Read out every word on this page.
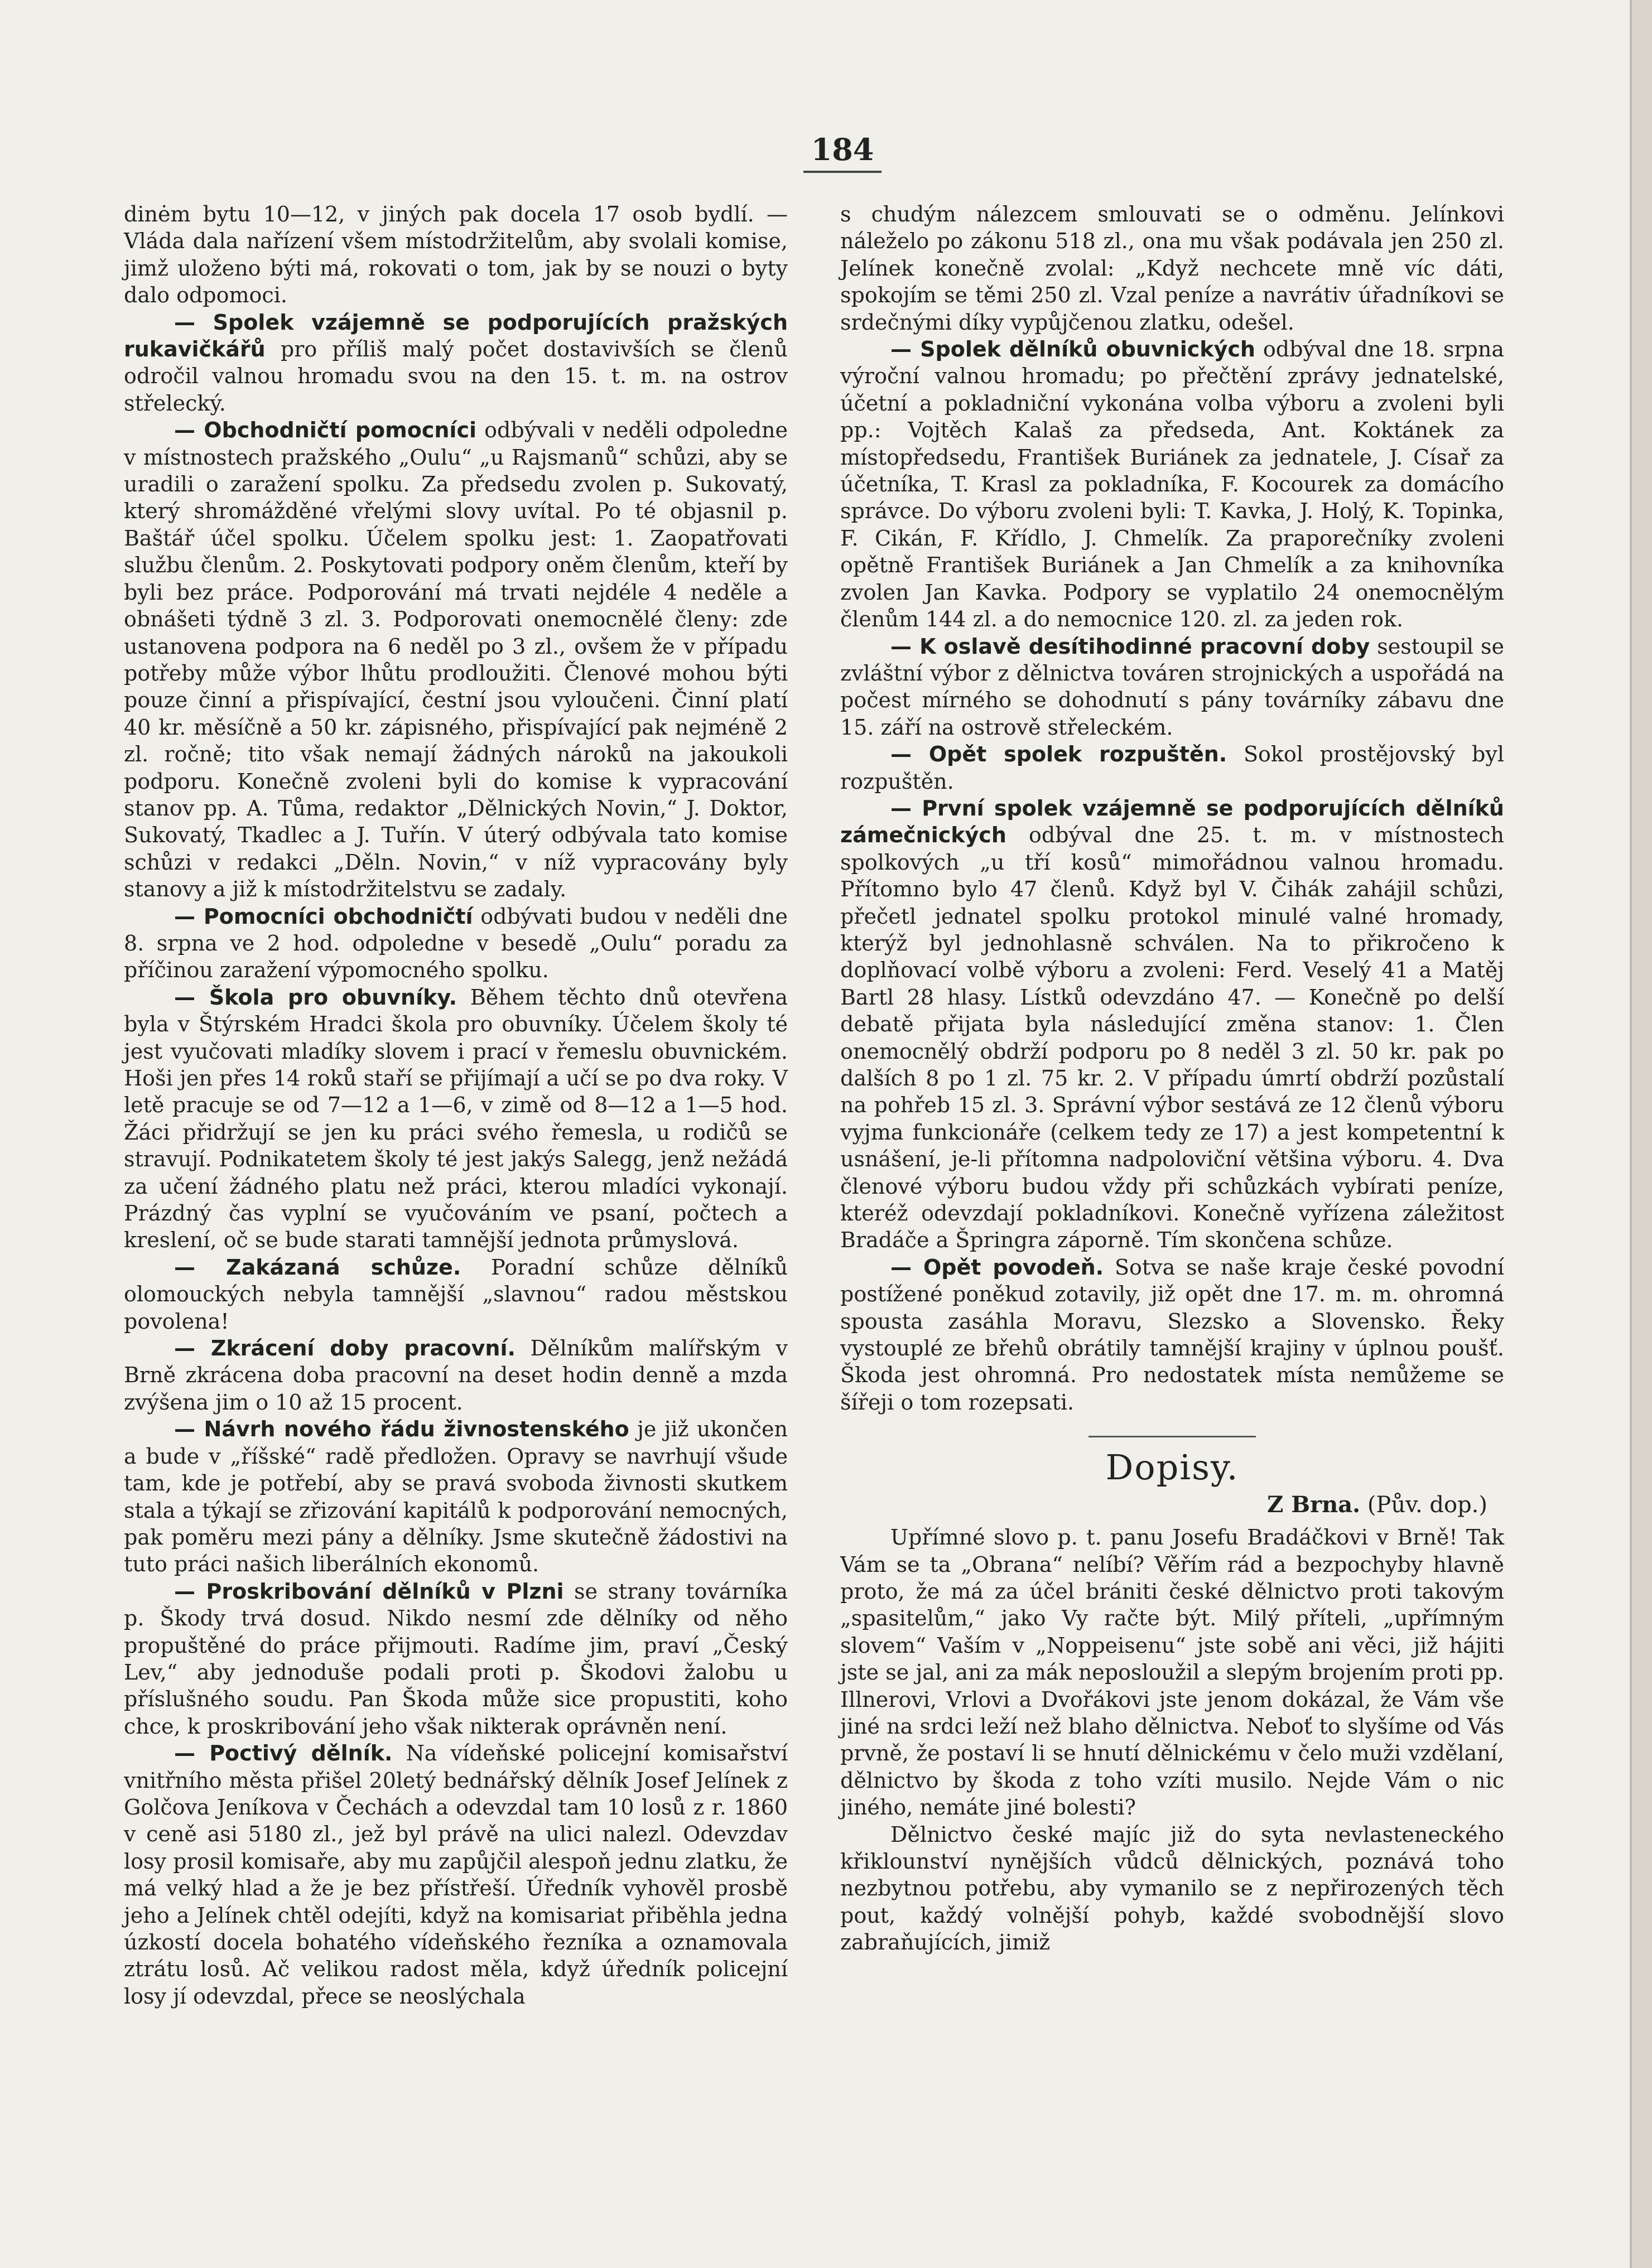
184

dinėm bytu 10—12, v jiných pak docela 17 osob bydlí. — Vláda dala nařízení všem místodržitelům, aby svolali komise, jimž uloženo býti má, rokovati o tom, jak by se nouzi o byty dalo odpomoci.

— Spolek vzájemně se podporujících pražských rukavičkářů pro příliš malý počet dostavivších se členů odročil valnou hromadu svou na den 15. t. m. na ostrov střelecký.

— Obchodničtí pomocníci odbývali v neděli odpoledne v místnostech pražského „Oulu“ „u Rajsmanů“ schůzi, aby se uradili o zaražení spolku. Za předsedu zvolen p. Sukovatý, který shromážděné vřelými slovy uvítal. Po té objasnil p. Baštář účel spolku. Účelem spolku jest: 1. Zaopatřovati službu členům. 2. Poskytovati podpory oněm členům, kteří by byli bez práce. Podporování má trvati nejdéle 4 neděle a obnášeti týdně 3 zl. 3. Podporovati onemocnělé členy: zde ustanovena podpora na 6 neděl po 3 zl., ovšem že v případu potřeby může výbor lhůtu prodloužiti. Členové mohou býti pouze činní a přispívající, čestní jsou vyloučeni. Činní platí 40 kr. měsíčně a 50 kr. zápisného, přispívající pak nejméně 2 zl. ročně; tito však nemají žádných nároků na jakoukoli podporu. Konečně zvoleni byli do komise k vypracování stanov pp. A. Tůma, redaktor „Dělnických Novin,“ J. Doktor, Sukovatý, Tkadlec a J. Tuřín. V úterý odbývala tato komise schůzi v redakci „Děln. Novin,“ v níž vypracovány byly stanovy a již k místodržitelstvu se zadaly.

— Pomocníci obchodničtí odbývati budou v neděli dne 8. srpna ve 2 hod. odpoledne v besedě „Oulu“ poradu za příčinou zaražení výpomocného spolku.

— Škola pro obuvníky. Během těchto dnů otevřena byla v Štýrském Hradci škola pro obuvníky. Účelem školy té jest vyučovati mladíky slovem i prací v řemeslu obuvnickém. Hoši jen přes 14 roků staří se přijímají a učí se po dva roky. V letě pracuje se od 7—12 a 1—6, v zimě od 8—12 a 1—5 hod. Žáci přidržují se jen ku práci svého řemesla, u rodičů se stravují. Podnikatetem školy té jest jakýs Salegg, jenž nežádá za učení žádného platu než práci, kterou mladíci vykonají. Prázdný čas vyplní se vyučováním ve psaní, počtech a kreslení, oč se bude starati tamnější jednota průmyslová.

— Zakázaná schůze. Poradní schůze dělníků olomouckých nebyla tamnější „slavnou“ radou městskou povolena!

— Zkrácení doby pracovní. Dělníkům malířským v Brně zkrácena doba pracovní na deset hodin denně a mzda zvýšena jim o 10 až 15 procent.

— Návrh nového řádu živnostenského je již ukončen a bude v „říšské“ radě předložen. Opravy se navrhují všude tam, kde je potřebí, aby se pravá svoboda živnosti skutkem stala a týkají se zřizování kapitálů k podporování nemocných, pak poměru mezi pány a dělníky. Jsme skutečně žádostivi na tuto práci našich liberálních ekonomů.

— Proskribování dělníků v Plzni se strany továrníka p. Škody trvá dosud. Nikdo nesmí zde dělníky od něho propuštěné do práce přijmouti. Radíme jim, praví „Český Lev,“ aby jednoduše podali proti p. Škodovi žalobu u příslušného soudu. Pan Škoda může sice propustiti, koho chce, k proskribování jeho však nikterak oprávněn není.

— Poctivý dělník. Na vídeňské policejní komisařství vnitřního města přišel 20letý bednářský dělník Josef Jelínek z Golčova Jeníkova v Čechách a odevzdal tam 10 losů z r. 1860 v ceně asi 5180 zl., jež byl právě na ulici nalezl. Odevzdav losy prosil komisaře, aby mu zapůjčil alespoň jednu zlatku, že má velký hlad a že je bez přístřeší. Úředník vyhověl prosbě jeho a Jelínek chtěl odejíti, když na komisariat přiběhla jedna úzkostí docela bohatého vídeňského řezníka a oznamovala ztrátu losů. Ač velikou radost měla, když úředník policejní losy jí odevzdal, přece se neoslýchala

s chudým nálezcem smlouvati se o odměnu. Jelínkovi náleželo po zákonu 518 zl., ona mu však podávala jen 250 zl. Jelínek konečně zvolal: „Když nechcete mně víc dáti, spokojím se těmi 250 zl. Vzal peníze a navrátiv úřadníkovi se srdečnými díky vypůjčenou zlatku, odešel.

— Spolek dělníků obuvnických odbýval dne 18. srpna výroční valnou hromadu; po přečtění zprávy jednatelské, účetní a pokladniční vykonána volba výboru a zvoleni byli pp.: Vojtěch Kalaš za předseda, Ant. Koktánek za místopředsedu, František Buriánek za jednatele, J. Císař za účetníka, T. Krasl za pokladníka, F. Kocourek za domácího správce. Do výboru zvoleni byli: T. Kavka, J. Holý, K. Topinka, F. Cikán, F. Křídlo, J. Chmelík. Za praporečníky zvoleni opětně František Buriánek a Jan Chmelík a za knihovníka zvolen Jan Kavka. Podpory se vyplatilo 24 onemocnělým členům 144 zl. a do nemocnice 120. zl. za jeden rok.

— K oslavě desítihodinné pracovní doby sestoupil se zvláštní výbor z dělnictva továren strojnických a uspořádá na počest mírného se dohodnutí s pány továrníky zábavu dne 15. září na ostrově střeleckém.

— Opět spolek rozpuštěn. Sokol prostějovský byl rozpuštěn.

— První spolek vzájemně se podporujících dělníků zámečnických odbýval dne 25. t. m. v místnostech spolkových „u tří kosů“ mimořádnou valnou hromadu. Přítomno bylo 47 členů. Když byl V. Čihák zahájil schůzi, přečetl jednatel spolku protokol minulé valné hromady, kterýž byl jednohlasně schválen. Na to přikročeno k doplňovací volbě výboru a zvoleni: Ferd. Veselý 41 a Matěj Bartl 28 hlasy. Lístků odevzdáno 47. — Konečně po delší debatě přijata byla následující změna stanov: 1. Člen onemocnělý obdrží podporu po 8 neděl 3 zl. 50 kr. pak po dalších 8 po 1 zl. 75 kr. 2. V případu úmrtí obdrží pozůstalí na pohřeb 15 zl. 3. Správní výbor sestává ze 12 členů výboru vyjma funkcionáře (celkem tedy ze 17) a jest kompetentní k usnášení, je-li přítomna nadpoloviční většina výboru. 4. Dva členové výboru budou vždy při schůzkách vybírati peníze, kteréž odevzdají pokladníkovi. Konečně vyřízena záležitost Bradáče a Špringra záporně. Tím skončena schůze.

— Opět povodeň. Sotva se naše kraje české povodní postížené poněkud zotavily, již opět dne 17. m. m. ohromná spousta zasáhla Moravu, Slezsko a Slovensko. Řeky vystouplé ze břehů obrátily tamnější krajiny v úplnou poušť. Škoda jest ohromná. Pro nedostatek místa nemůžeme se šířeji o tom rozepsati.

Dopisy.
Z Brna. (Pův. dop.)

Upřímné slovo p. t. panu Josefu Bradáčkovi v Brně! Tak Vám se ta „Obrana“ nelíbí? Věřím rád a bezpochyby hlavně proto, že má za účel brániti české dělnictvo proti takovým „spasitelům,“ jako Vy račte být. Milý příteli, „upřímným slovem“ Vaším v „Noppeisenu“ jste sobě ani věci, již hájiti jste se jal, ani za mák neposloužil a slepým brojením proti pp. Illnerovi, Vrlovi a Dvořákovi jste jenom dokázal, že Vám vše jiné na srdci leží než blaho dělnictva. Neboť to slyšíme od Vás prvně, že postaví li se hnutí dělnickému v čelo muži vzdělaní, dělnictvo by škoda z toho vzíti musilo. Nejde Vám o nic jiného, nemáte jiné bolesti?

Dělnictvo české majíc již do syta nevlasteneckého křiklounství nynějších vůdců dělnických, poznává toho nezbytnou potřebu, aby vymanilo se z nepřirozených těch pout, každý volnější pohyb, každé svobodnější slovo zabraňujících, jimiž
